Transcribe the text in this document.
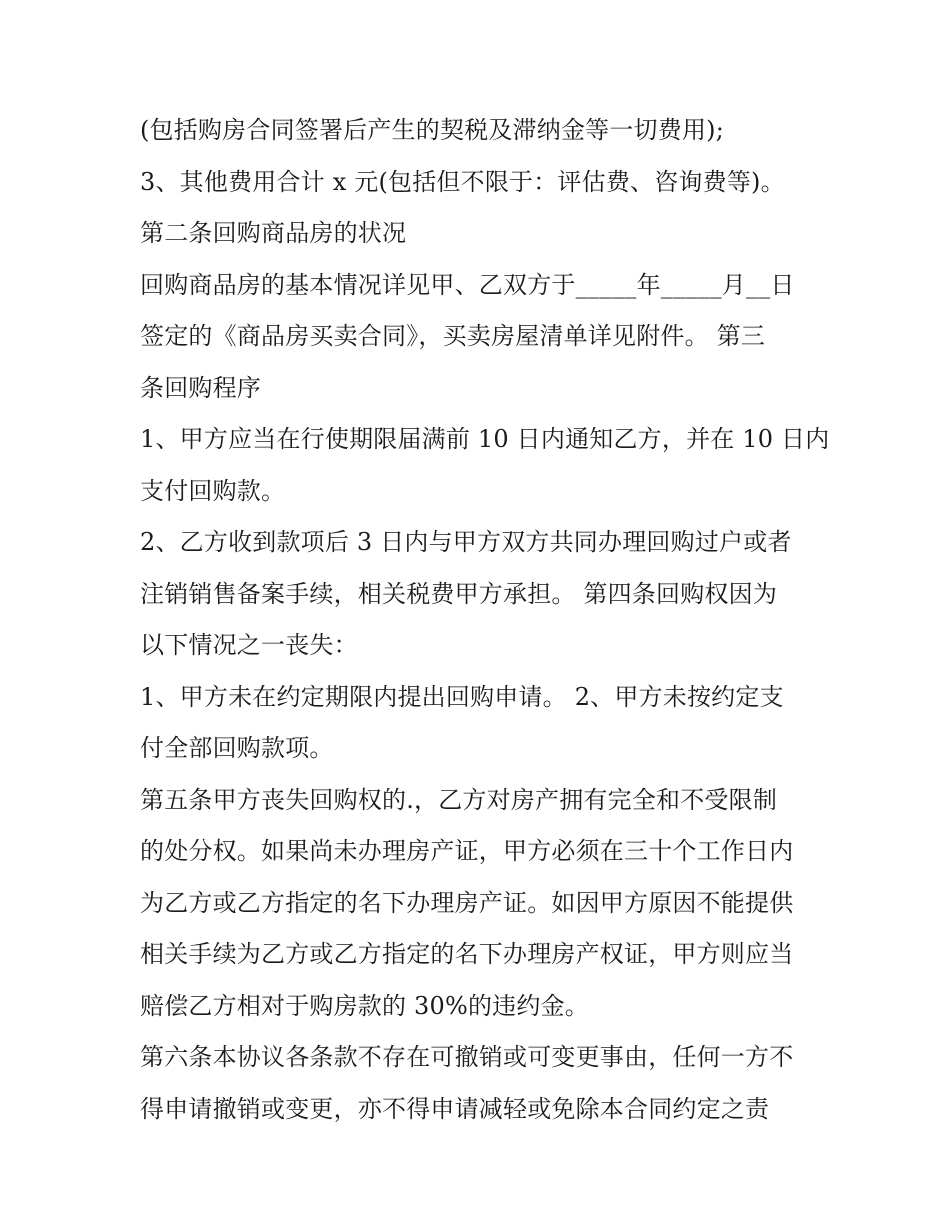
(包括购房合同签署后产生的契税及滞纳金等一切费用);
3、其他费用合计 x 元(包括但不限于：评估费、咨询费等)。
第二条回购商品房的状况
回购商品房的基本情况详见甲、乙双方于_____年_____月__日
签定的《商品房买卖合同》，买卖房屋清单详见附件。 第三
条回购程序
1、甲方应当在行使期限届满前 10 日内通知乙方，并在 10 日内
支付回购款。
2、乙方收到款项后 3 日内与甲方双方共同办理回购过户或者
注销销售备案手续，相关税费甲方承担。 第四条回购权因为
以下情况之一丧失：
1、甲方未在约定期限内提出回购申请。 2、甲方未按约定支
付全部回购款项。
第五条甲方丧失回购权的.，乙方对房产拥有完全和不受限制
的处分权。如果尚未办理房产证，甲方必须在三十个工作日内
为乙方或乙方指定的名下办理房产证。如因甲方原因不能提供
相关手续为乙方或乙方指定的名下办理房产权证，甲方则应当
赔偿乙方相对于购房款的 30%的违约金。
第六条本协议各条款不存在可撤销或可变更事由，任何一方不
得申请撤销或变更，亦不得申请减轻或免除本合同约定之责
